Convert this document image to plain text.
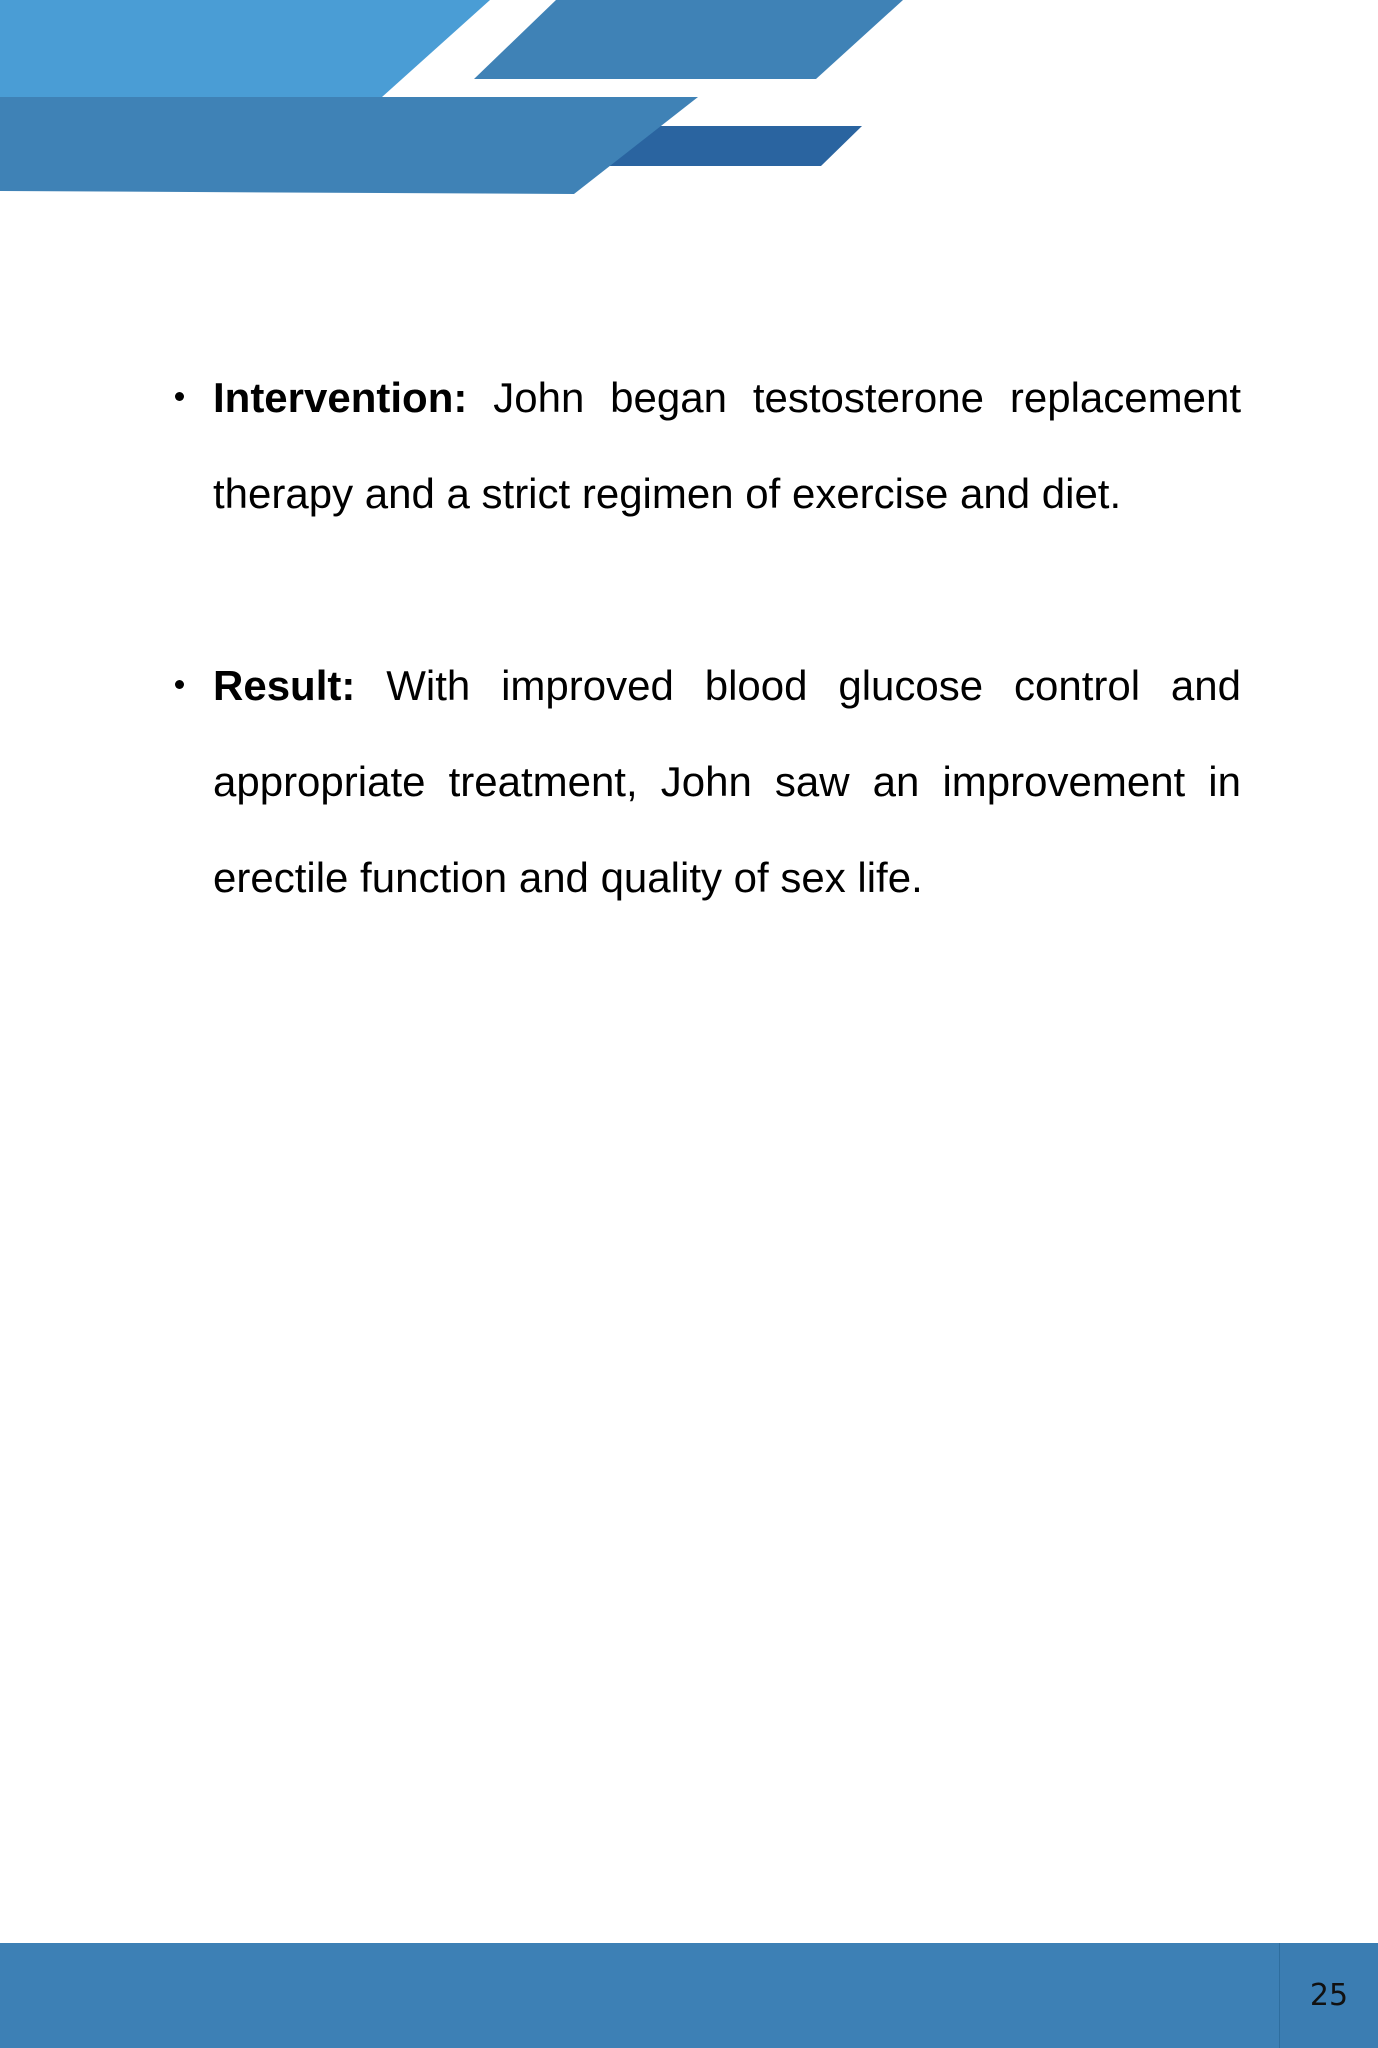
Intervention: John began testosterone replacement therapy and a strict regimen of exercise and diet.

Result: With improved blood glucose control and appropriate treatment, John saw an improvement in erectile function and quality of sex life.

25
